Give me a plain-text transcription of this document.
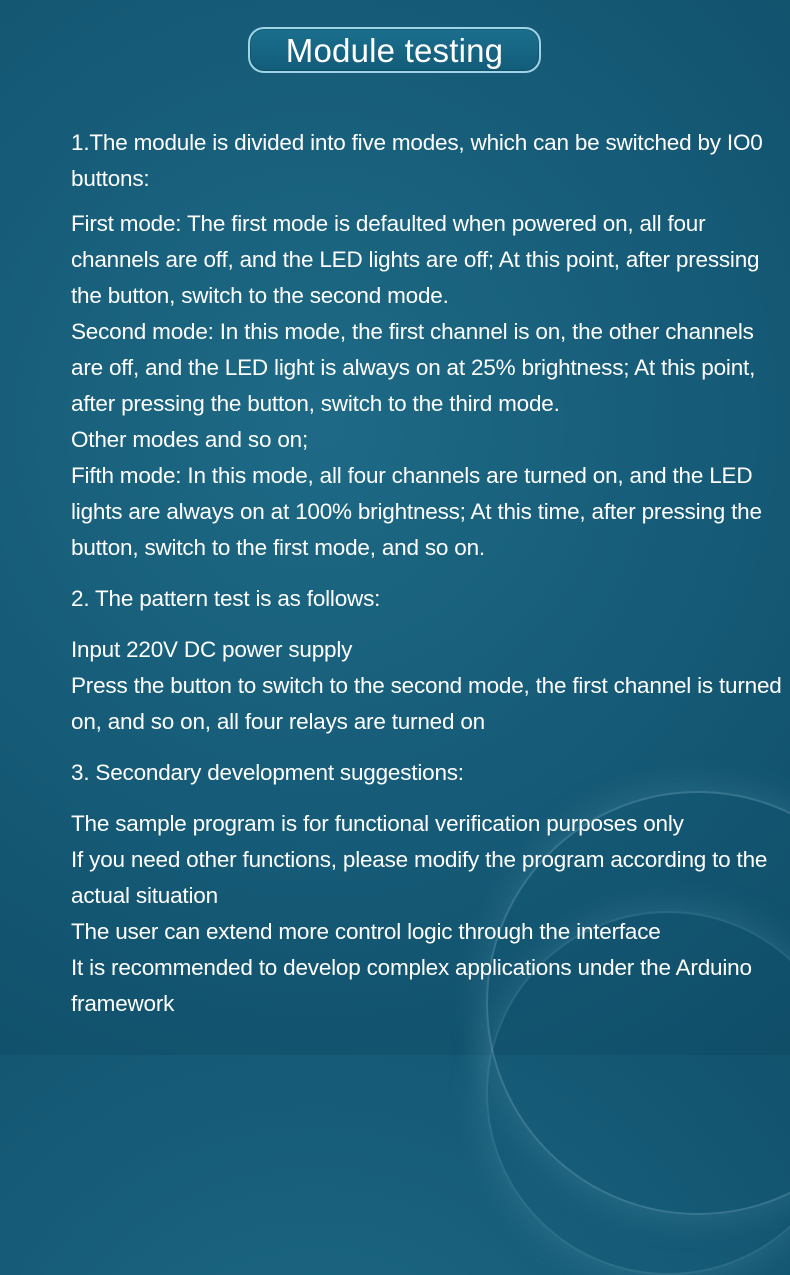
Module testing

1.The module is divided into five modes, which can be switched by IO0 buttons:

First mode: The first mode is defaulted when powered on, all four channels are off, and the LED lights are off; At this point, after pressing the button, switch to the second mode.

Second mode: In this mode, the first channel is on, the other channels are off, and the LED light is always on at 25% brightness; At this point, after pressing the button, switch to the third mode.

Other modes and so on;

Fifth mode: In this mode, all four channels are turned on, and the LED lights are always on at 100% brightness; At this time, after pressing the button, switch to the first mode, and so on.

2. The pattern test is as follows:

Input 220V DC power supply

Press the button to switch to the second mode, the first channel is turned on, and so on, all four relays are turned on

3. Secondary development suggestions:

The sample program is for functional verification purposes only

If you need other functions, please modify the program according to the actual situation

The user can extend more control logic through the interface

It is recommended to develop complex applications under the Arduino framework
